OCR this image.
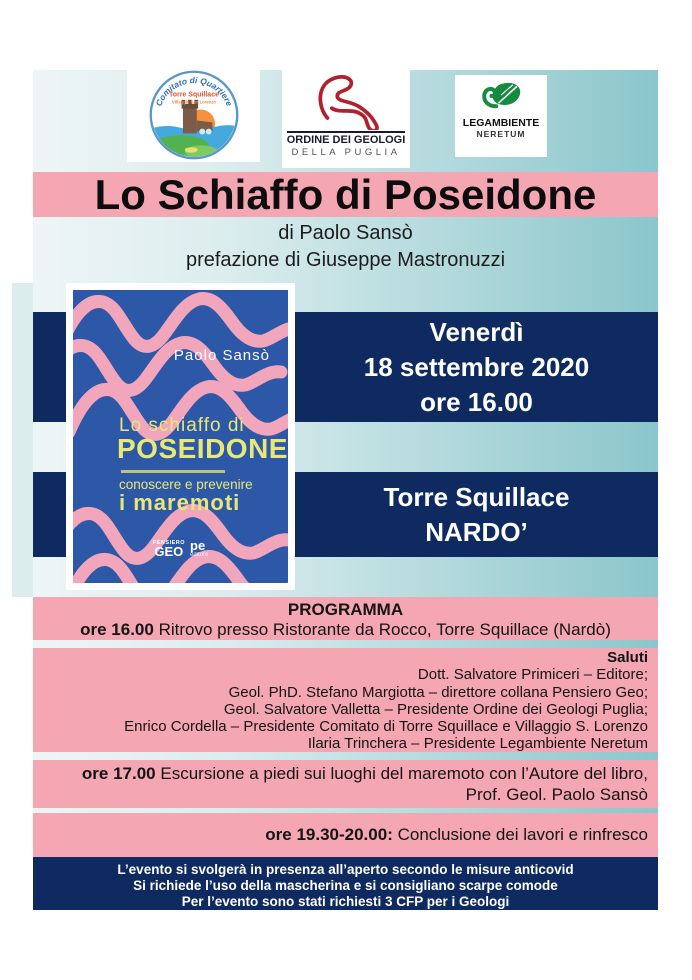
Comitato di Quartiere
Torre Squillace
Villaggio San Lorenzo
ORDINE DEI GEOLOGI
DELLA PUGLIA
LEGAMBIENTE
NERETUM
Lo Schiaffo di Poseidone
di Paolo Sansò
prefazione di Giuseppe Mastronuzzi
Venerdì
18 settembre 2020
ore 16.00
Torre Squillace
NARDO’
Paolo Sansò
Lo schiaffo di
POSEIDONE
conoscere e prevenire
i maremoti
PENSIERO
GEO pe
editore
PROGRAMMA
ore 16.00 Ritrovo presso Ristorante da Rocco, Torre Squillace (Nardò)
Saluti
Dott. Salvatore Primiceri – Editore;
Geol. PhD. Stefano Margiotta – direttore collana Pensiero Geo;
Geol. Salvatore Valletta – Presidente Ordine dei Geologi Puglia;
Enrico Cordella – Presidente Comitato di Torre Squillace e Villaggio S. Lorenzo
Ilaria Trinchera – Presidente Legambiente Neretum
ore 17.00 Escursione a piedi sui luoghi del maremoto con l’Autore del libro,
Prof. Geol. Paolo Sansò
ore 19.30-20.00: Conclusione dei lavori e rinfresco
L’evento si svolgerà in presenza all’aperto secondo le misure anticovid
Si richiede l’uso della mascherina e si consigliano scarpe comode
Per l’evento sono stati richiesti 3 CFP per i Geologi
